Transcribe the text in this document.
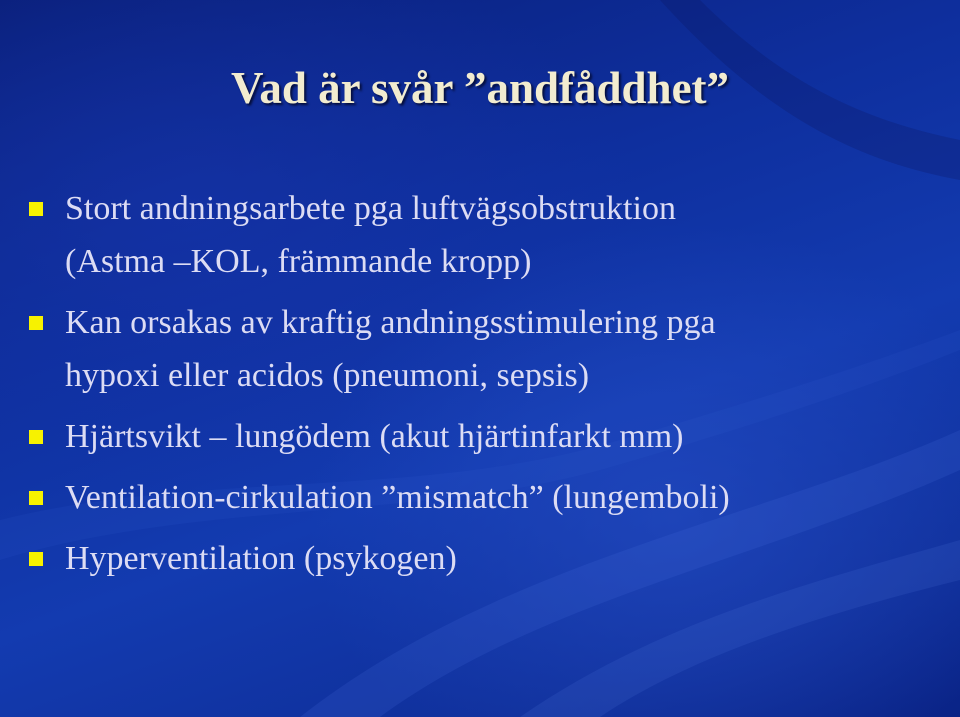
Vad är svår ”andfåddhet”
Stort andningsarbete pga luftvägsobstruktion
(Astma –KOL, främmande kropp)
Kan orsakas av kraftig andningsstimulering pga
hypoxi eller acidos (pneumoni, sepsis)
Hjärtsvikt – lungödem (akut hjärtinfarkt mm)
Ventilation-cirkulation ”mismatch” (lungemboli)
Hyperventilation (psykogen)
